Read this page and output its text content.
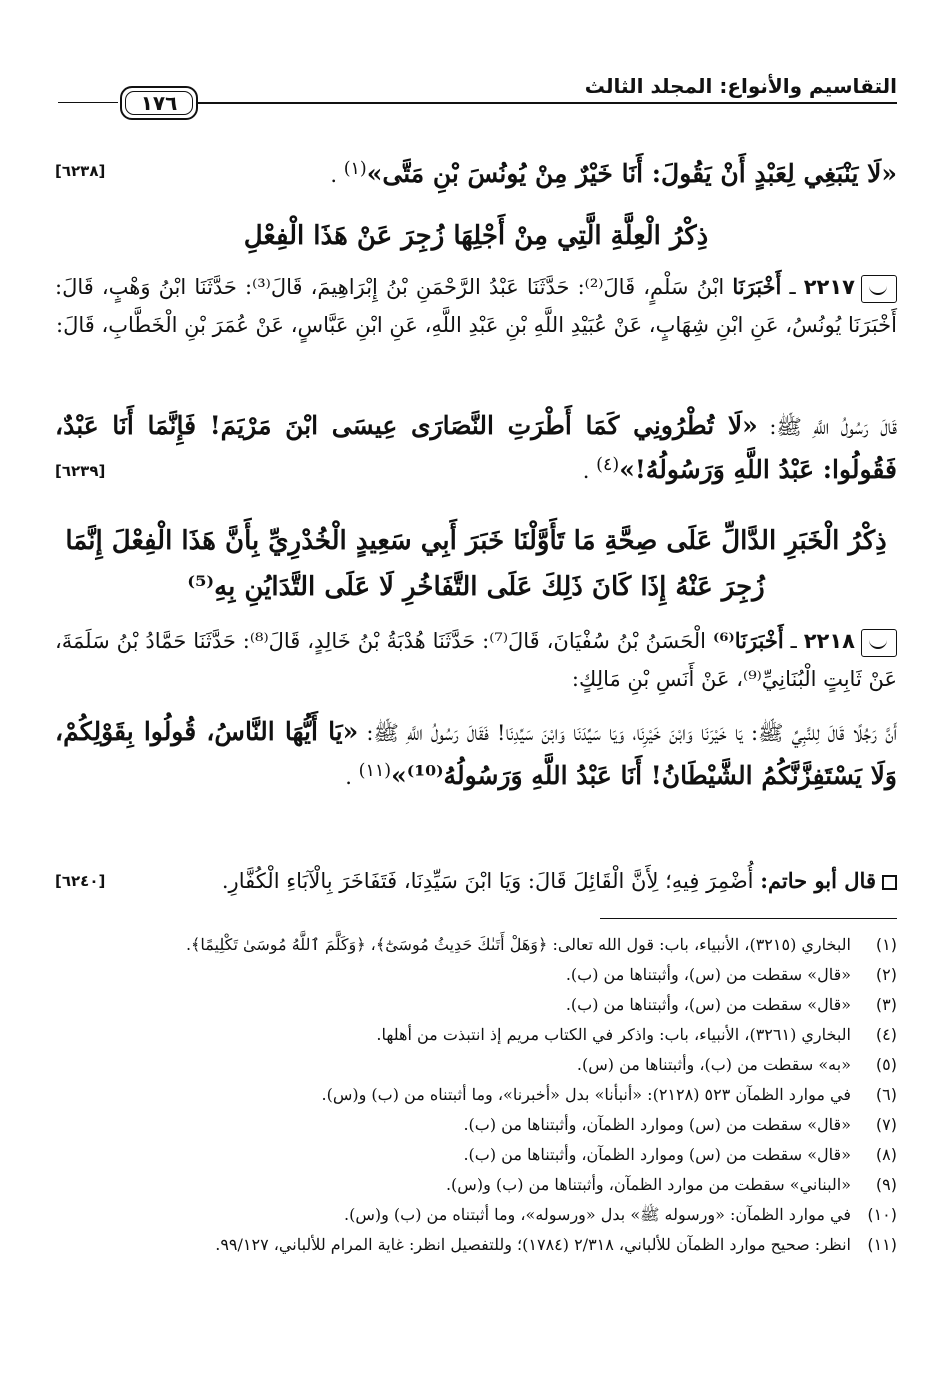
التقاسيم والأنواع: المجلد الثالث
١٧٦
«لَا يَنْبَغِي لِعَبْدٍ أَنْ يَقُولَ: أَنَا خَيْرٌ مِنْ يُونُسَ بْنِ مَتَّى»$^{(١)}$ .
[٦٢٣٨]
ذِكْرُ الْعِلَّةِ الَّتِي مِنْ أَجْلِهَا زُجِرَ عَنْ هَذَا الْفِعْلِ
٢٢١٧ ـ أَخْبَرَنَا ابْنُ سَلْمٍ، قَالَ⁽²⁾: حَدَّثَنَا عَبْدُ الرَّحْمَنِ بْنُ إِبْرَاهِيمَ، قَالَ⁽³⁾: حَدَّثَنَا ابْنُ وَهْبٍ، قَالَ: أَخْبَرَنَا يُونُسُ، عَنِ ابْنِ شِهَابٍ، عَنْ عُبَيْدِ اللَّهِ بْنِ عَبْدِ اللَّهِ، عَنِ ابْنِ عَبَّاسٍ، عَنْ عُمَرَ بْنِ الْخَطَّابِ، قَالَ:
قَالَ رَسُولُ اللَّهِ ﷺ: «لَا تُطْرُونِي كَمَا أَطْرَتِ النَّصَارَى عِيسَى ابْنَ مَرْيَمَ! فَإِنَّمَا أَنَا عَبْدٌ، فَقُولُوا: عَبْدُ اللَّهِ وَرَسُولُهُ!»$^{(٤)}$ .
[٦٢٣٩]
ذِكْرُ الْخَبَرِ الدَّالِّ عَلَى صِحَّةِ مَا تَأَوَّلْنَا خَبَرَ أَبِي سَعِيدٍ الْخُدْرِيِّ بِأَنَّ هَذَا الْفِعْلَ إِنَّمَا زُجِرَ عَنْهُ إِذَا كَانَ ذَلِكَ عَلَى التَّفَاخُرِ لَا عَلَى التَّدَايُنِ بِهِ⁽⁵⁾
٢٢١٨ ـ أَخْبَرَنَا⁽⁶⁾ الْحَسَنُ بْنُ سُفْيَانَ، قَالَ⁽⁷⁾: حَدَّثَنَا هُدْبَةُ بْنُ خَالِدٍ، قَالَ⁽⁸⁾: حَدَّثَنَا حَمَّادُ بْنُ سَلَمَةَ، عَنْ ثَابِتٍ الْبُنَانِيِّ⁽⁹⁾، عَنْ أَنَسِ بْنِ مَالِكٍ:
أَنَّ رَجُلًا قَالَ لِلنَّبِيِّ ﷺ: يَا خَيْرَنَا وَابْنَ خَيْرِنَا، وَيَا سَيِّدَنَا وَابْنَ سَيِّدِنَا! فَقَالَ رَسُولُ اللَّهِ ﷺ: «يَا أَيُّهَا النَّاسُ، قُولُوا بِقَوْلِكُمْ، وَلَا يَسْتَفِزَّنَّكُمُ الشَّيْطَانُ! أَنَا عَبْدُ اللَّهِ وَرَسُولُهُ⁽¹⁰⁾»$^{(١١)}$ .
قال أبو حاتم: أُضْمِرَ فِيهِ؛ لِأَنَّ الْقَائِلَ قَالَ: وَيَا ابْنَ سَيِّدِنَا، فَتَفَاخَرَ بِالْآبَاءِ الْكُفَّارِ.
[٦٢٤٠]
(١)
البخاري (٣٢١٥)، الأنبياء، باب: قول الله تعالى: ﴿وَهَلْ أَتَىٰكَ حَدِيثُ مُوسَىٰٓ﴾، ﴿وَكَلَّمَ ٱللَّهُ مُوسَىٰ تَكْلِيمًا﴾.
(٢)
«قال» سقطت من (س)، وأثبتناها من (ب).
(٣)
«قال» سقطت من (س)، وأثبتناها من (ب).
(٤)
البخاري (٣٢٦١)، الأنبياء، باب: واذكر في الكتاب مريم إذ انتبذت من أهلها.
(٥)
«به» سقطت من (ب)، وأثبتناها من (س).
(٦)
في موارد الظمآن ٥٢٣ (٢١٢٨): «أنبأنا» بدل «أخبرنا»، وما أثبتناه من (ب) و(س).
(٧)
«قال» سقطت من (س) وموارد الظمآن، وأثبتناها من (ب).
(٨)
«قال» سقطت من (س) وموارد الظمآن، وأثبتناها من (ب).
(٩)
«البناني» سقطت من موارد الظمآن، وأثبتناها من (ب) و(س).
(١٠)
في موارد الظمآن: «ورسوله ﷺ» بدل «ورسوله»، وما أثبتناه من (ب) و(س).
(١١)
انظر: صحيح موارد الظمآن للألباني، ٢/٣١٨ (١٧٨٤)؛ وللتفصيل انظر: غاية المرام للألباني، ٩٩/١٢٧.
